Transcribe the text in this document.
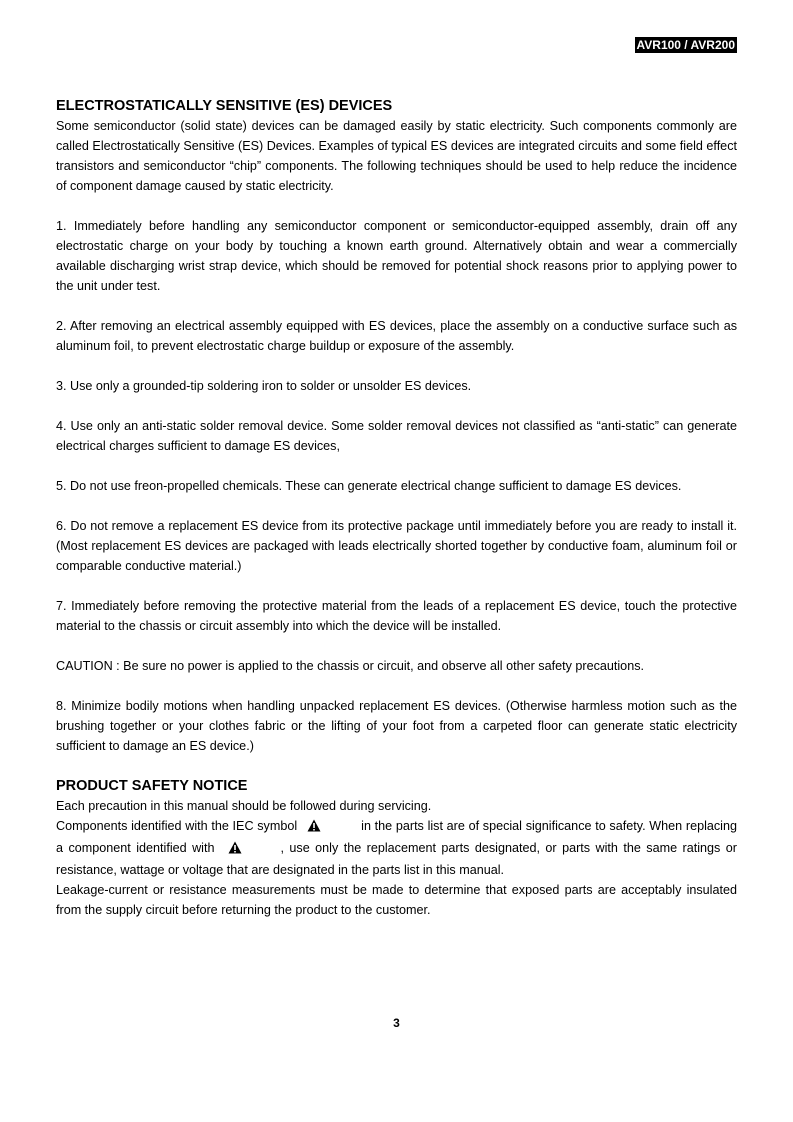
AVR100 / AVR200
ELECTROSTATICALLY SENSITIVE (ES) DEVICES

Some semiconductor (solid state) devices can be damaged easily by static electricity. Such components commonly are called Electrostatically Sensitive (ES) Devices. Examples of typical ES devices are integrated circuits and some field effect transistors and semiconductor “chip” components. The following techniques should be used to help reduce the incidence of component damage caused by static electricity.

1. Immediately before handling any semiconductor component or semiconductor-equipped assembly, drain off any electrostatic charge on your body by touching a known earth ground. Alternatively obtain and wear a commercially available discharging wrist strap device, which should be removed for potential shock reasons prior to applying power to the unit under test.

2. After removing an electrical assembly equipped with ES devices, place the assembly on a conductive surface such as aluminum foil, to prevent electrostatic charge buildup or exposure of the assembly.

3. Use only a grounded-tip soldering iron to solder or unsolder ES devices.

4. Use only an anti-static solder removal device. Some solder removal devices not classified as “anti-static” can generate electrical charges sufficient to damage ES devices,

5. Do not use freon-propelled chemicals. These can generate electrical change sufficient to damage ES devices.

6. Do not remove a replacement ES device from its protective package until immediately before you are ready to install it. (Most replacement ES devices are packaged with leads electrically shorted together by conductive foam, aluminum foil or comparable conductive material.)

7. Immediately before removing the protective material from the leads of a replacement ES device, touch the protective material to the chassis or circuit assembly into which the device will be installed.

CAUTION : Be sure no power is applied to the chassis or circuit, and observe all other safety precautions.

8. Minimize bodily motions when handling unpacked replacement ES devices. (Otherwise harmless motion such as the brushing together or your clothes fabric or the lifting of your foot from a carpeted floor can generate static electricity sufficient to damage an ES device.)

PRODUCT SAFETY NOTICE

Each precaution in this manual should be followed during servicing.

Components identified with the IEC symbol	in the parts list are of special significance to safety. When replacing a component identified with	, use only the replacement parts designated, or parts with the same ratings or resistance, wattage or voltage that are designated in the parts list in this manual.

Leakage-current or resistance measurements must be made to determine that exposed parts are acceptably insulated from the supply circuit before returning the product to the customer.

3
